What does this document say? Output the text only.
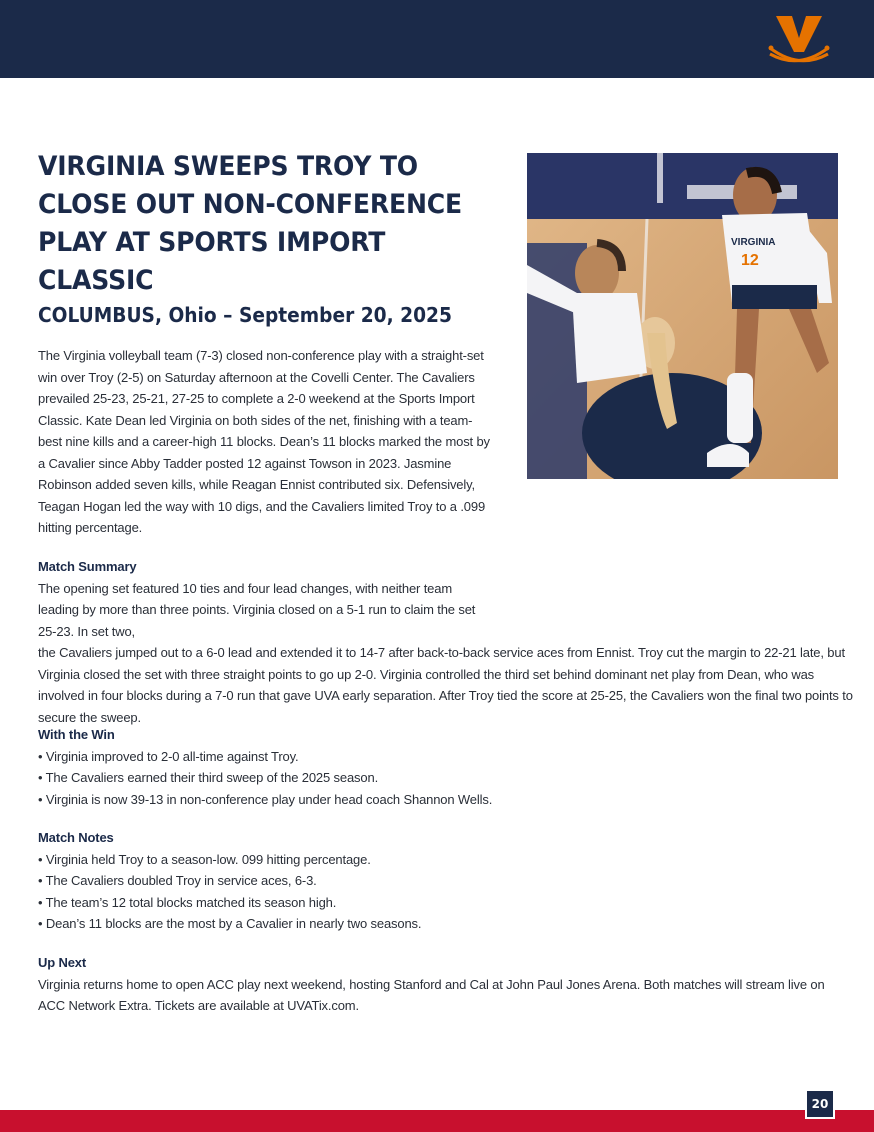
VIRGINIA SWEEPS TROY TO CLOSE OUT NON-CONFERENCE PLAY AT SPORTS IMPORT CLASSIC
COLUMBUS, Ohio – September 20, 2025
VIRGINIA
12

The Virginia volleyball team (7-3) closed non-conference play with a straight-set win over Troy (2-5) on Saturday afternoon at the Covelli Center. The Cavaliers prevailed 25-23, 25-21, 27-25 to complete a 2-0 weekend at the Sports Import Classic. Kate Dean led Virginia on both sides of the net, finishing with a team-best nine kills and a career-high 11 blocks. Dean’s 11 blocks marked the most by a Cavalier since Abby Tadder posted 12 against Towson in 2023. Jasmine Robinson added seven kills, while Reagan Ennist contributed six. Defensively, Teagan Hogan led the way with 10 digs, and the Cavaliers limited Troy to a .099 hitting percentage.

Match Summary

The opening set featured 10 ties and four lead changes, with neither team leading by more than three points. Virginia closed on a 5-1 run to claim the set 25-23. In set two,

the Cavaliers jumped out to a 6-0 lead and extended it to 14-7 after back-to-back service aces from Ennist. Troy cut the margin to 22-21 late, but Virginia closed the set with three straight points to go up 2-0. Virginia controlled the third set behind dominant net play from Dean, who was involved in four blocks during a 7-0 run that gave UVA early separation. After Troy tied the score at 25-25, the Cavaliers won the final two points to secure the sweep.

With the Win
• Virginia improved to 2-0 all-time against Troy.
• The Cavaliers earned their third sweep of the 2025 season.
• Virginia is now 39-13 in non-conference play under head coach Shannon Wells.
Match Notes
• Virginia held Troy to a season-low. 099 hitting percentage.
• The Cavaliers doubled Troy in service aces, 6-3.
• The team’s 12 total blocks matched its season high.
• Dean’s 11 blocks are the most by a Cavalier in nearly two seasons.
Up Next

Virginia returns home to open ACC play next weekend, hosting Stanford and Cal at John Paul Jones Arena. Both matches will stream live on ACC Network Extra. Tickets are available at UVATix.com.

20
